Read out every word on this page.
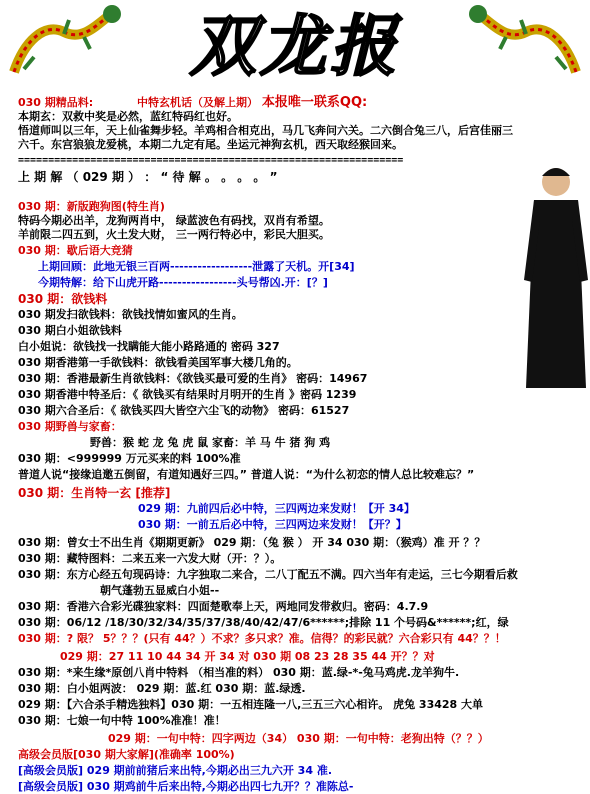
双龙报
030 期精品料:	中特玄机话（及解上期） 本报唯一联系QQ:
本期玄：双救中奖是必然，蓝红特码红也好。
悟道师叫以三年，天上仙雀舞步轻。羊鸡相合相克出，马几飞奔问六关。二六倒合兔三八，后宫佳丽三
六千。东宫狼狼龙爱桃，本期二九定有尾。坐运元神狗玄机，西天取经猴回来。
================================================================
上 期 解 （ 029 期 ） ： “ 待 解 。 。 。 。 ”
030 期：新版跑狗图(特生肖)
特码今期必出羊，龙狗两肖中， 绿蓝波色有码找，双肖有希望。
羊前限二四五到，火土发大财， 三一两行特必中，彩民大胆买。
030 期：歇后语大竞猜
上期回顾：此地无银三百两------------------泄露了天机。开[34]
今期特解：给下山虎开路-----------------头号帮凶.开：[？]
030 期：欲钱料
030 期发扫欲钱料：欲钱找情如蜜风的生肖。
030 期白小姐欲钱料
白小姐说：欲钱找一找瞒能大能小路路通的 密码 327
030 期香港第一手欲钱料：欲钱看美国军事大楼几角的。
030 期：香港最新生肖欲钱料：《欲钱买最可爱的生肖》 密码：14967
030 期香港中特圣后：《 欲钱买有结果时月明开的生肖 》密码 1239
030 期六合圣后：《 欲钱买四大皆空六尘飞的动物》 密码：61527
030 期野兽与家畜：
野兽：猴 蛇 龙 兔 虎 鼠 家畜：羊 马 牛 猪 狗 鸡
030 期：<999999 万元买来的料 100%准
普道人说“接缘追邀五倒留，有道知遇好三四。” 普道人说：“为什么初恋的情人总比较难忘？”
030 期：生肖特一玄 [推荐]
029 期：九前四后必中特，三四两边来发财！【开 34】
030 期：一前五后必中特，三四两边来发财！【开？】
030 期：曾女士不出生肖《期期更新》 029 期：（兔 猴 ） 开 34 030 期：（猴鸡）准 开 ？？
030 期：藏特图料：二来五来一六发大财（开：？）。
030 期：东方心经五句现码诗：九字独取二来合，二八丁配五不满。四六当年有走运，三七今期看后救
朝气蓬勃五显威白小姐--
030 期：香港六合彩光碟独家料：四面楚歌奉上天，两地同发带救归。密码：4.7.9
030 期：06/12 /18/30/32/34/35/37/38/40/42/47/6******;排除 11 个号码&******;红，绿
030 期：? 限？ 5？？？(只有 44？）不求？多只求？准。信得？的彩民就？六合彩只有 44？？！
029 期：27 11 10 44 34 开 34 对 030 期 08 23 28 35 44 开？？对
030 期：*来生缘*原创八肖中特料 （相当准的料） 030 期：蓝.绿-*-兔马鸡虎.龙羊狗牛.
030 期：白小姐两波： 029 期：蓝.红 030 期：蓝.绿透.
029 期：【六合杀手精选独料】030 期：一五相连隆一八,三五三六心相许。 虎兔 33428 大单
030 期：七娘一句中特 100%准准！准！
029 期：一句中特：四字两边（34） 030 期：一句中特：老狗出特（？？）
高级会员版[030 期大家解](准确率 100%)
[高级会员版] 029 期前前猪后来出特,今期必出三九六开 34 准.
[高级会员版] 030 期鸡前牛后来出特,今期必出四七九开？？准陈总-
